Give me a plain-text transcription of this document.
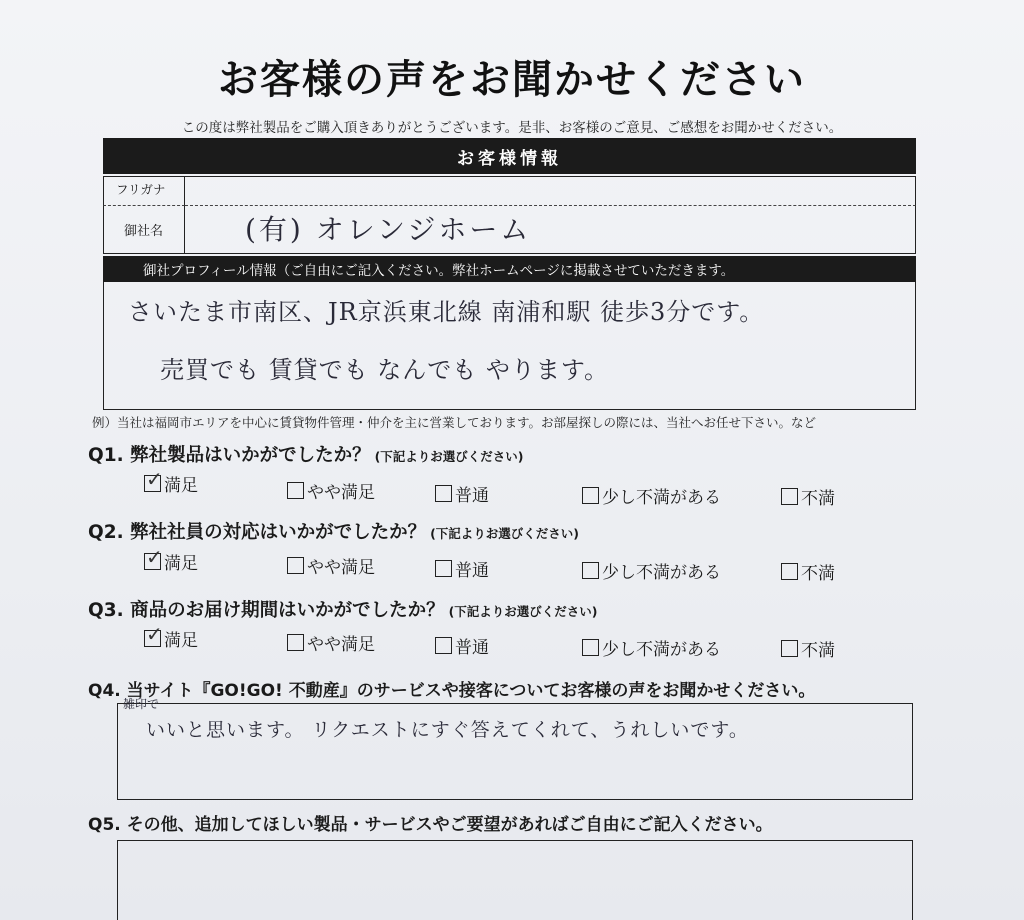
お客様の声をお聞かせください
この度は弊社製品をご購入頂きありがとうございます。是非、お客様のご意見、ご感想をお聞かせください。
お客様情報
フリガナ
御社名	(有) オレンジホーム
御社プロフィール情報（ご自由にご記入ください。弊社ホームページに掲載させていただきます。
さいたま市南区、JR京浜東北線 南浦和駅 徒歩3分です。
売買でも 賃貸でも なんでも やります。
例）当社は福岡市エリアを中心に賃貸物件管理・仲介を主に営業しております。お部屋探しの際には、当社へお任せ下さい。など
Q1. 弊社製品はいかがでしたか？ (下記よりお選びください)
✓ 満足	やや満足	普通	少し不満がある	不満
Q2. 弊社社員の対応はいかがでしたか？ (下記よりお選びください)
✓ 満足	やや満足	普通	少し不満がある	不満
Q3. 商品のお届け期間はいかがでしたか？ (下記よりお選びください)
✓ 満足	やや満足	普通	少し不満がある	不満
Q4. 当サイト『GO!GO! 不動産』のサービスや接客についてお客様の声をお聞かせください。
雑印で
いいと思います。 リクエストにすぐ答えてくれて、うれしいです。
Q5. その他、追加してほしい製品・サービスやご要望があればご自由にご記入ください。
